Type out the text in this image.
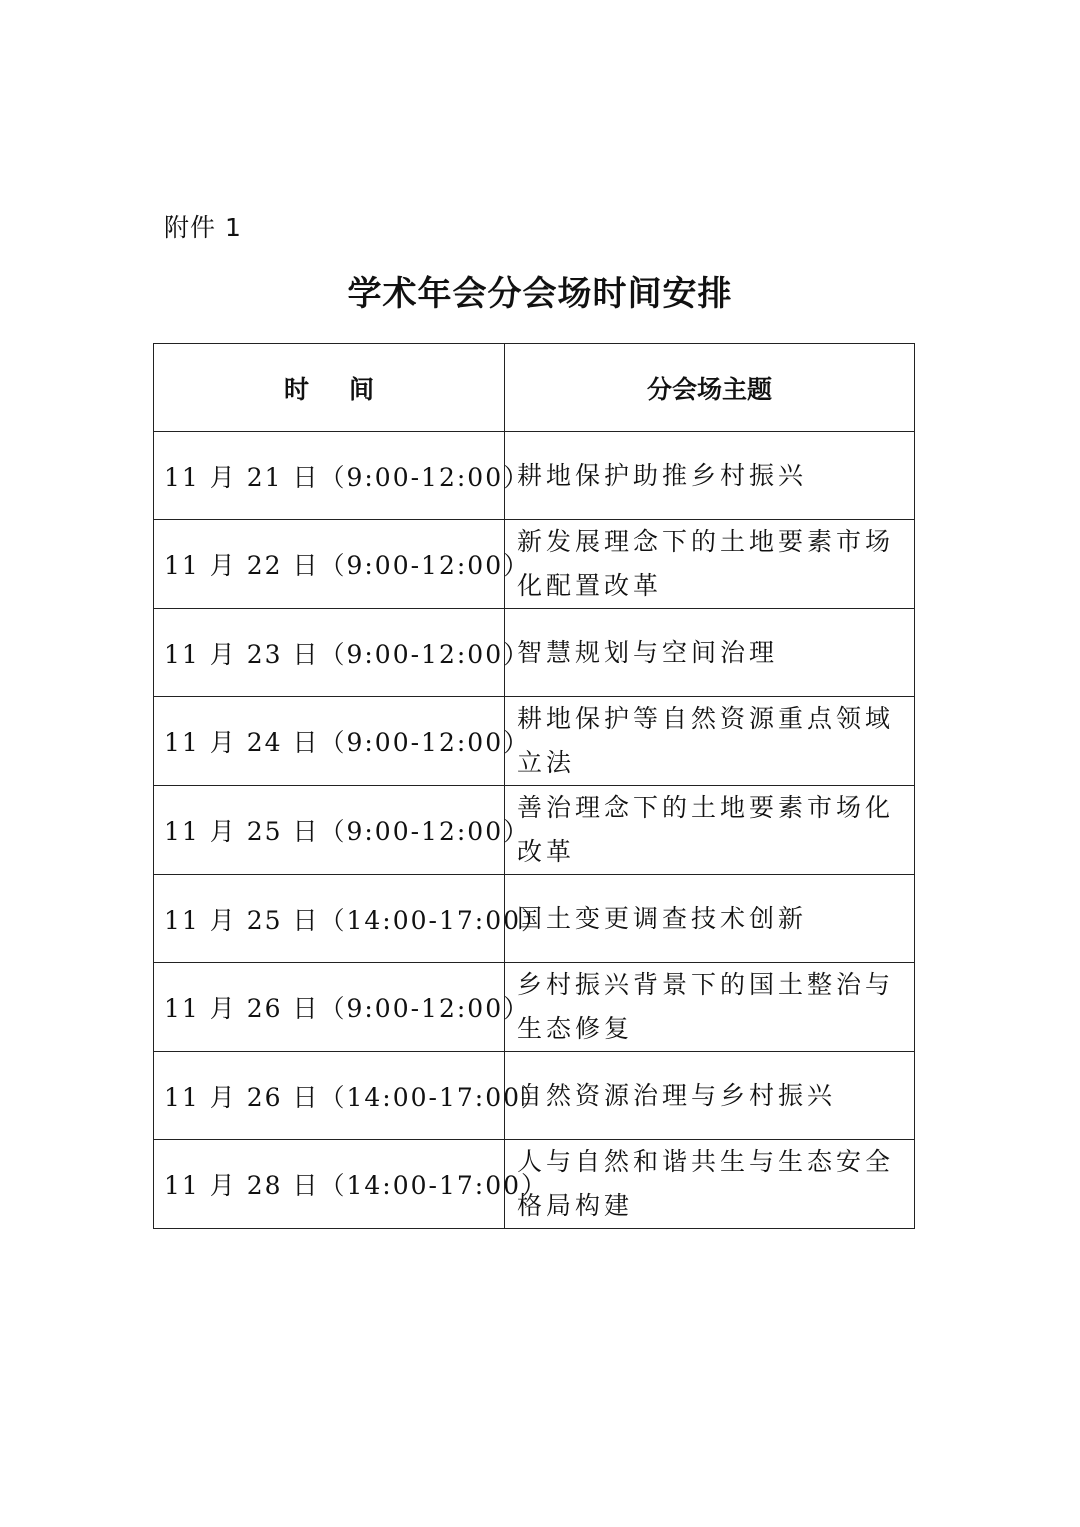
附件 1
学术年会分会场时间安排
时间	分会场主题
11 月 21 日（9:00-12:00）	耕地保护助推乡村振兴
11 月 22 日（9:00-12:00）	新发展理念下的土地要素市场化配置改革
11 月 23 日（9:00-12:00）	智慧规划与空间治理
11 月 24 日（9:00-12:00）	耕地保护等自然资源重点领域立法
11 月 25 日（9:00-12:00）	善治理念下的土地要素市场化改革
11 月 25 日（14:00-17:00）	国土变更调查技术创新
11 月 26 日（9:00-12:00）	乡村振兴背景下的国土整治与生态修复
11 月 26 日（14:00-17:00）	自然资源治理与乡村振兴
11 月 28 日（14:00-17:00）	人与自然和谐共生与生态安全格局构建
